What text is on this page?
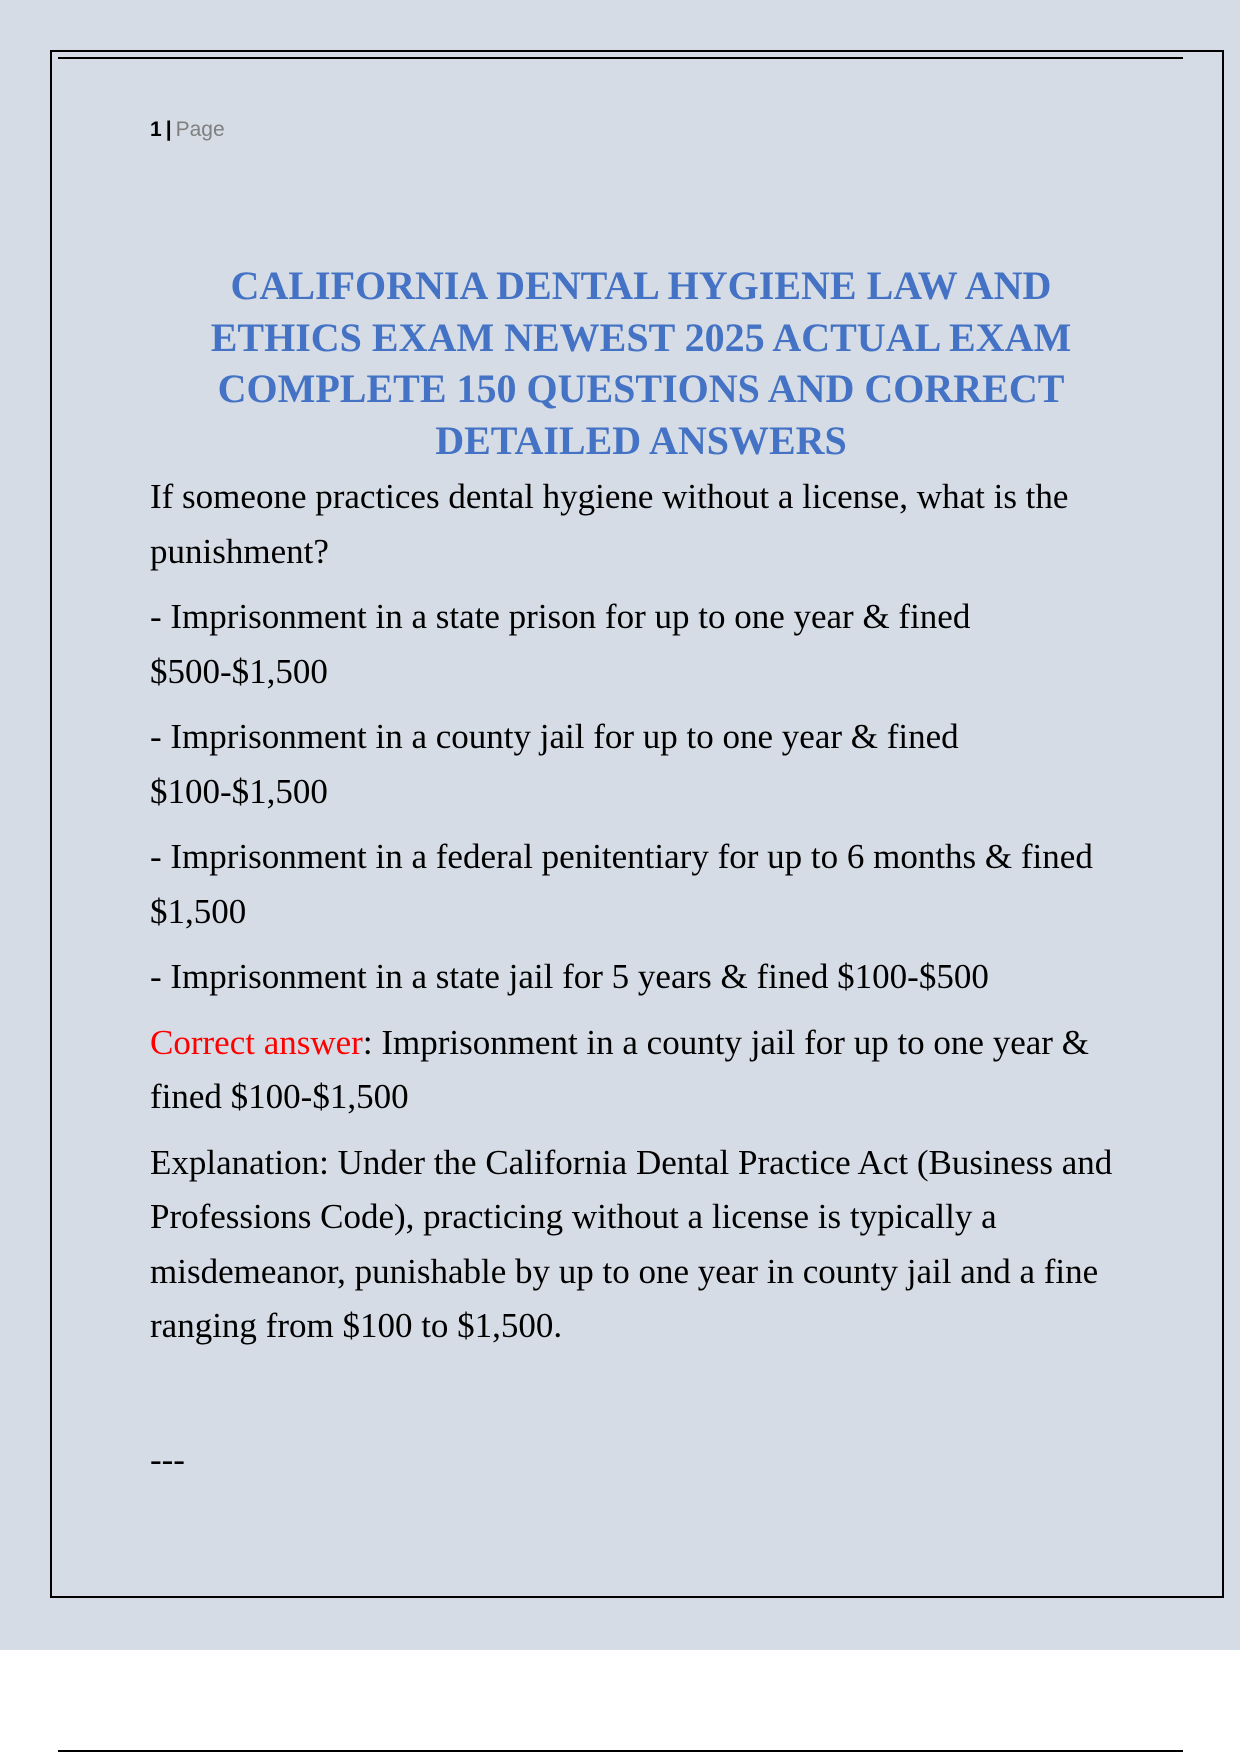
1 | Page
CALIFORNIA DENTAL HYGIENE LAW AND ETHICS EXAM NEWEST 2025 ACTUAL EXAM COMPLETE 150 QUESTIONS AND CORRECT DETAILED ANSWERS

If someone practices dental hygiene without a license, what is the punishment?

- Imprisonment in a state prison for up to one year & fined $500-$1,500

- Imprisonment in a county jail for up to one year & fined $100-$1,500

- Imprisonment in a federal penitentiary for up to 6 months & fined $1,500

- Imprisonment in a state jail for 5 years & fined $100-$500

Correct answer: Imprisonment in a county jail for up to one year & fined $100-$1,500

Explanation: Under the California Dental Practice Act (Business and Professions Code), practicing without a license is typically a misdemeanor, punishable by up to one year in county jail and a fine ranging from $100 to $1,500.

---
